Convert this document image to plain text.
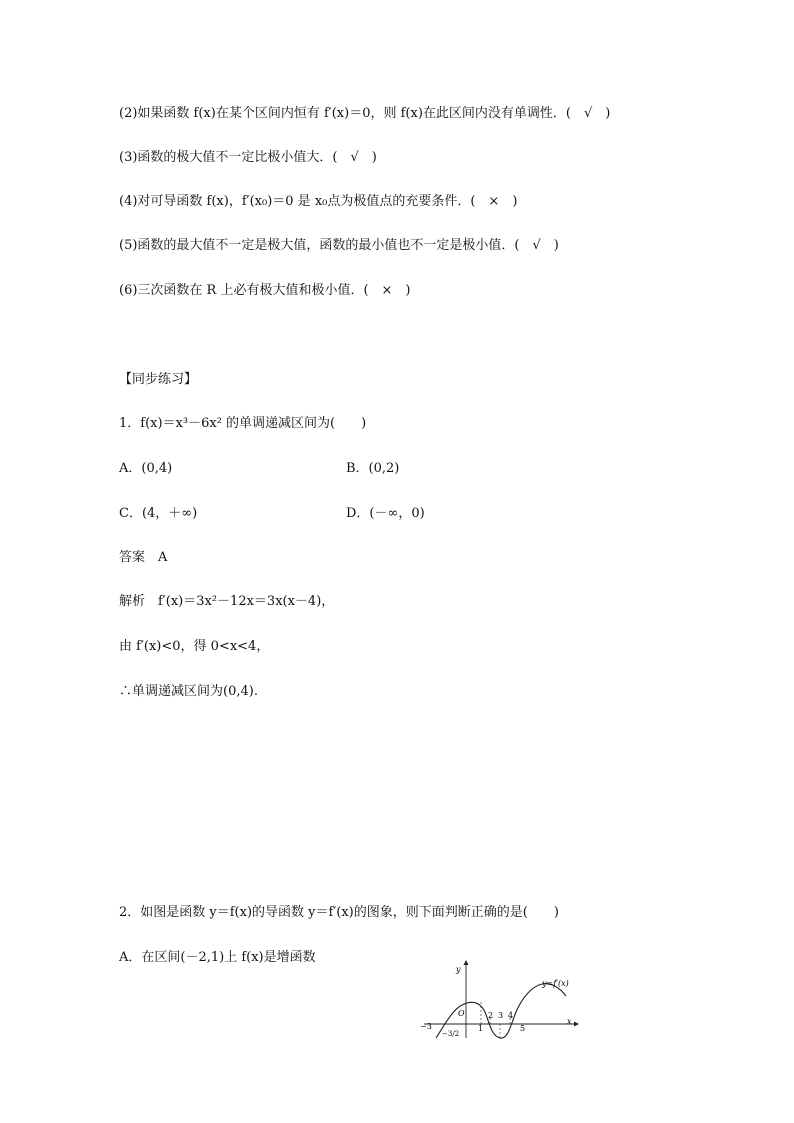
(2)如果函数 f(x)在某个区间内恒有 f′(x)＝0，则 f(x)在此区间内没有单调性．(　√　)
(3)函数的极大值不一定比极小值大．(　√　)
(4)对可导函数 f(x)，f′(x₀)＝0 是 x₀点为极值点的充要条件．(　×　)
(5)函数的最大值不一定是极大值，函数的最小值也不一定是极小值．(　√　)
(6)三次函数在 R 上必有极大值和极小值．(　×　)
【同步练习】
1．f(x)＝x³－6x² 的单调递减区间为(　　)
A．(0,4)	B．(0,2)
C．(4，＋∞)	D．(－∞，0)
答案　A
解析　f′(x)＝3x²－12x＝3x(x－4)，
由 f′(x)<0，得 0<x<4，
∴单调递减区间为(0,4).
2．如图是函数 y＝f(x)的导函数 y＝f′(x)的图象，则下面判断正确的是(　　)
A．在区间(－2,1)上 f(x)是增函数
y
x
y=f′(x)
O
−3
−3/2
1
2 3 4
5
